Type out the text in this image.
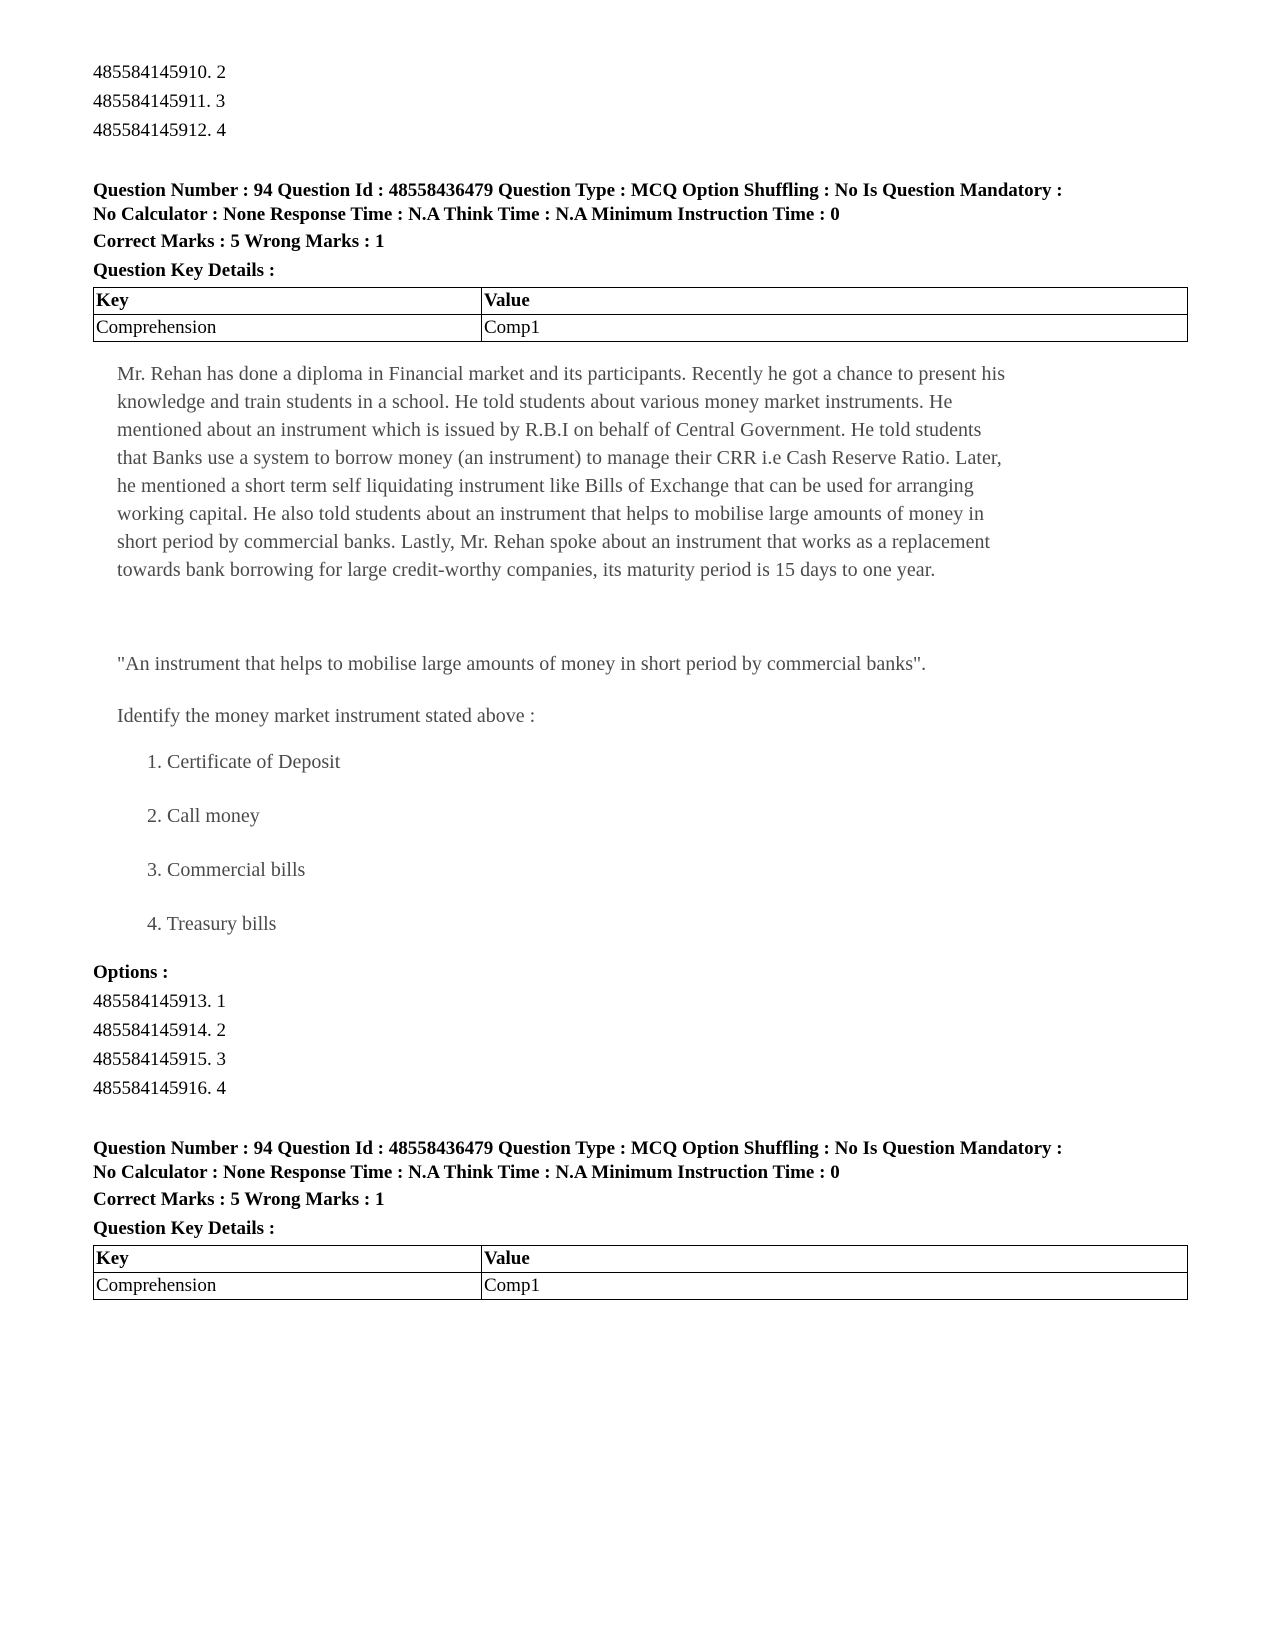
485584145910. 2
485584145911. 3
485584145912. 4
Question Number : 94 Question Id : 48558436479 Question Type : MCQ Option Shuffling : No Is Question Mandatory :
No Calculator : None Response Time : N.A Think Time : N.A Minimum Instruction Time : 0
Correct Marks : 5 Wrong Marks : 1
Question Key Details :
Key	Value
Comprehension	Comp1
Mr. Rehan has done a diploma in Financial market and its participants. Recently he got a chance to present his
knowledge and train students in a school. He told students about various money market instruments. He
mentioned about an instrument which is issued by R.B.I on behalf of Central Government. He told students
that Banks use a system to borrow money (an instrument) to manage their CRR i.e Cash Reserve Ratio. Later,
he mentioned a short term self liquidating instrument like Bills of Exchange that can be used for arranging
working capital. He also told students about an instrument that helps to mobilise large amounts of money in
short period by commercial banks. Lastly, Mr. Rehan spoke about an instrument that works as a replacement
towards bank borrowing for large credit-worthy companies, its maturity period is 15 days to one year.
"An instrument that helps to mobilise large amounts of money in short period by commercial banks".
Identify the money market instrument stated above :
1. Certificate of Deposit
2. Call money
3. Commercial bills
4. Treasury bills
Options :
485584145913. 1
485584145914. 2
485584145915. 3
485584145916. 4
Question Number : 94 Question Id : 48558436479 Question Type : MCQ Option Shuffling : No Is Question Mandatory :
No Calculator : None Response Time : N.A Think Time : N.A Minimum Instruction Time : 0
Correct Marks : 5 Wrong Marks : 1
Question Key Details :
Key	Value
Comprehension	Comp1
